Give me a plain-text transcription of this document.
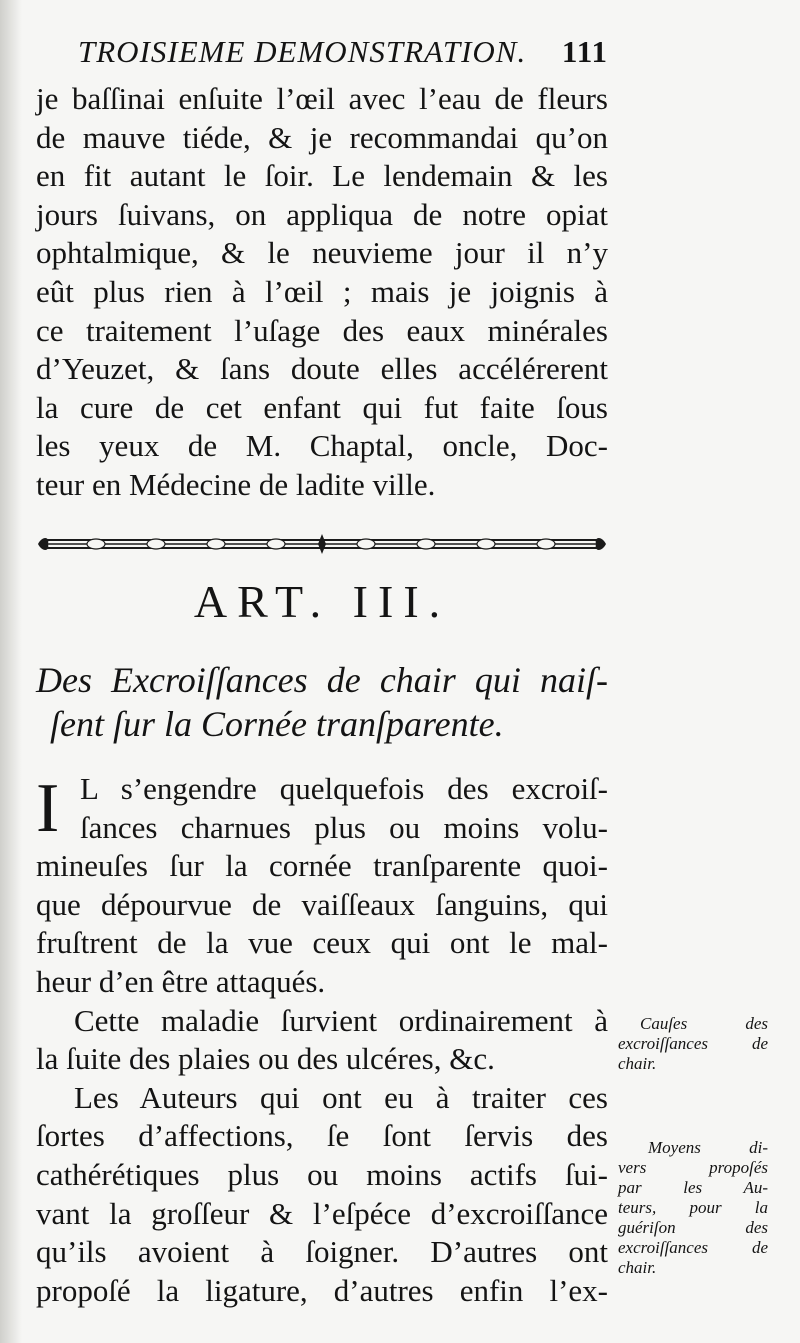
TROISIEME DEMONSTRATION. 111
je baſſinai enſuite l’œil avec l’eau de fleurs
de mauve tiéde, & je recommandai qu’on
en fit autant le ſoir. Le lendemain & les
jours ſuivans, on appliqua de notre opiat
ophtalmique, & le neuvieme jour il n’y
eût plus rien à l’œil ; mais je joignis à
ce traitement l’uſage des eaux minérales
d’Yeuzet, & ſans doute elles accélérerent
la cure de cet enfant qui fut faite ſous
les yeux de M. Chaptal, oncle, Doc-
teur en Médecine de ladite ville.
ART. III.
Des Excroiſſances de chair qui naiſ-
ſent ſur la Cornée tranſparente.
I L s’engendre quelquefois des excroiſ-
ſances charnues plus ou moins volu-
mineuſes ſur la cornée tranſparente quoi-
que dépourvue de vaiſſeaux ſanguins, qui
fruſtrent de la vue ceux qui ont le mal-
heur d’en être attaqués.
Cette maladie ſurvient ordinairement à
la ſuite des plaies ou des ulcéres, &c.
Les Auteurs qui ont eu à traiter ces
ſortes d’affections, ſe ſont ſervis des
cathérétiques plus ou moins actifs ſui-
vant la groſſeur & l’eſpéce d’excroiſſance
qu’ils avoient à ſoigner. D’autres ont
propoſé la ligature, d’autres enfin l’ex-
Cauſes des
excroiſſances de
chair.
Moyens di-
vers propoſés
par les Au-
teurs, pour la
guériſon des
excroiſſances de
chair.
